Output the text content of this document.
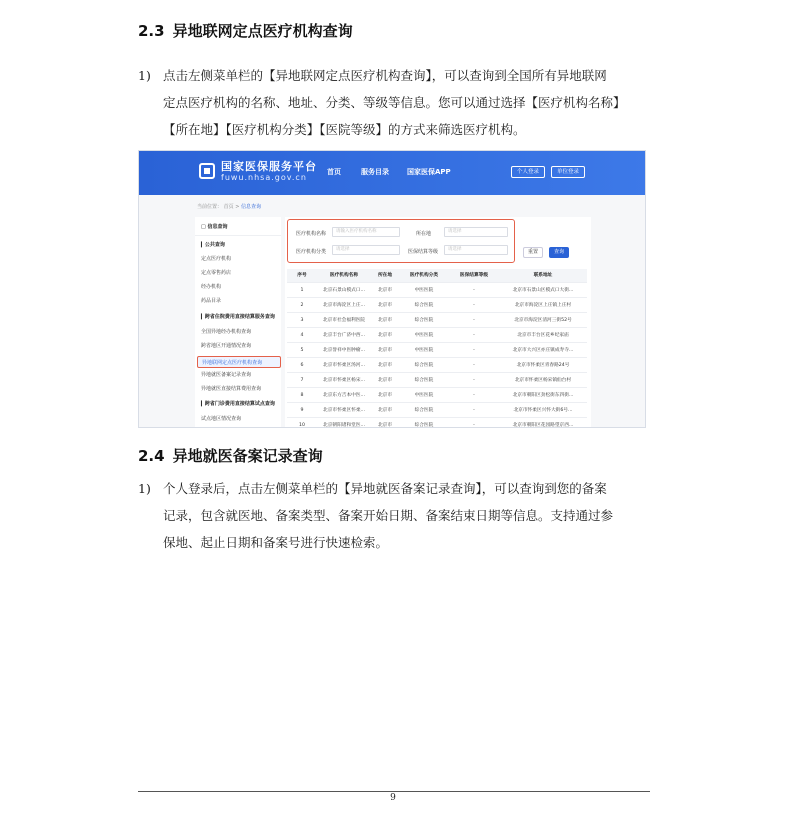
2.3 异地联网定点医疗机构查询
1) 点击左侧菜单栏的【异地联网定点医疗机构查询】，可以查询到全国所有异地联网
定点医疗机构的名称、地址、分类、等级等信息。您可以通过选择【医疗机构名称】
【所在地】【医疗机构分类】【医院等级】的方式来筛选医疗机构。
国家医保服务平台
fuwu.nhsa.gov.cn
首页	服务目录	国家医保APP	个人登录	单位登录
当前位置： 首页 > 信息查询
□ 信息查询
▎公共查询
定点医疗机构
定点零售药店
经办机构
药品目录
▎跨省住院费用直接结算服务查询
全国异地经办机构查询
跨省地区开通情况查询
异地联网定点医疗机构查询
异地就医备案记录查询
异地就医直接结算费用查询
▎跨省门诊费用直接结算试点查询
试点地区情况查询
医疗机构名称	请输入医疗机构名称	所在地	请选择
医疗机构分类	请选择	医保结算等级	请选择	重置	查询
序号	医疗机构名称	所在地	医疗机构分类	医保结算等级	联系地址
1	北京石景山模式口...	北京市	中医医院	-	北京市石景山区模式口大街...
2	北京市海淀区上庄...	北京市	综合医院	-	北京市海淀区上庄镇上庄村
3	北京市社会福利医院	北京市	综合医院	-	北京市海淀区清河三街52号
4	北京丰台广济中西...	北京市	中医医院	-	北京市丰台区花乡纪家庙
5	北京誉祥中医肿瘤...	北京市	中医医院	-	北京市大兴区亦庄镇成寿寺...
6	北京市怀柔区汤河...	北京市	综合医院	-	北京市怀柔区青春路24号
7	北京市怀柔区杨宋...	北京市	综合医院	-	北京市怀柔区杨宋镇仙台村
8	北京东方吉本中医...	北京市	中医医院	-	北京市朝阳区劲松街东四街...
9	北京市怀柔区怀柔...	北京市	综合医院	-	北京市怀柔区兴怀大街6号...
10	北京朝阳诸和堂医...	北京市	综合医院	-	北京市朝阳区花园路望京西...
2.4 异地就医备案记录查询
1) 个人登录后，点击左侧菜单栏的【异地就医备案记录查询】，可以查询到您的备案
记录，包含就医地、备案类型、备案开始日期、备案结束日期等信息。支持通过参
保地、起止日期和备案号进行快速检索。
9
